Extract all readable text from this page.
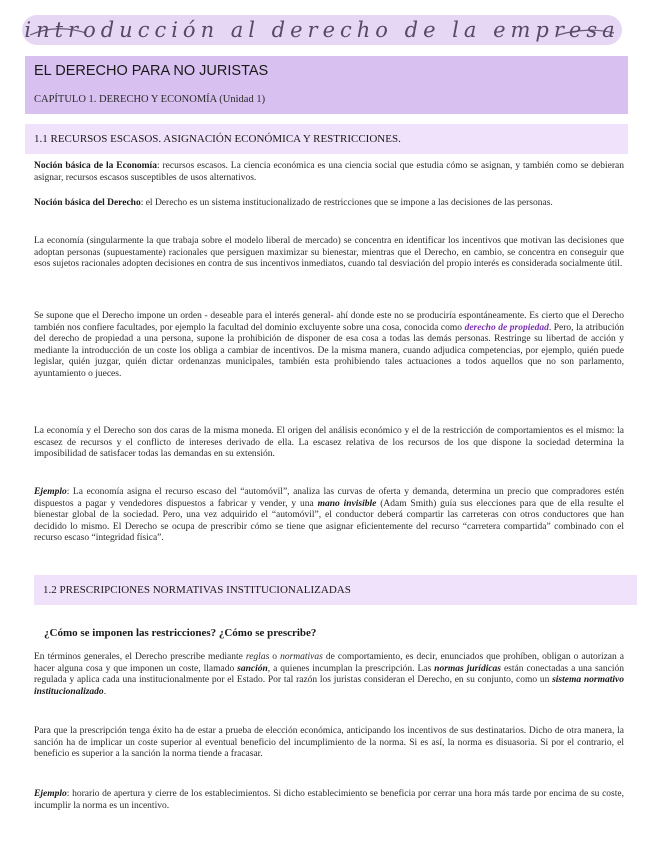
introducción al derecho de la empresa
EL DERECHO PARA NO JURISTAS
CAPÍTULO 1. DERECHO Y ECONOMÍA (Unidad 1)
1.1 RECURSOS ESCASOS. ASIGNACIÓN ECONÓMICA Y RESTRICCIONES.

Noción básica de la Economía: recursos escasos. La ciencia económica es una ciencia social que estudia cómo se asignan, y también como se debieran asignar, recursos escasos susceptibles de usos alternativos.

Noción básica del Derecho: el Derecho es un sistema institucionalizado de restricciones que se impone a las decisiones de las personas.

La economía (singularmente la que trabaja sobre el modelo liberal de mercado) se concentra en identificar los incentivos que motivan las decisiones que adoptan personas (supuestamente) racionales que persiguen maximizar su bienestar, mientras que el Derecho, en cambio, se concentra en conseguir que esos sujetos racionales adopten decisiones en contra de sus incentivos inmediatos, cuando tal desviación del propio interés es considerada socialmente útil.

Se supone que el Derecho impone un orden - deseable para el interés general- ahí donde este no se produciría espontáneamente. Es cierto que el Derecho también nos confiere facultades, por ejemplo la facultad del dominio excluyente sobre una cosa, conocida como derecho de propiedad. Pero, la atribución del derecho de propiedad a una persona, supone la prohibición de disponer de esa cosa a todas las demás personas. Restringe su libertad de acción y mediante la introducción de un coste los obliga a cambiar de incentivos. De la misma manera, cuando adjudica competencias, por ejemplo, quién puede legislar, quién juzgar, quién dictar ordenanzas municipales, también esta prohibiendo tales actuaciones a todos aquellos que no son parlamento, ayuntamiento o jueces.

La economía y el Derecho son dos caras de la misma moneda. El origen del análisis económico y el de la restricción de comportamientos es el mismo: la escasez de recursos y el conflicto de intereses derivado de ella. La escasez relativa de los recursos de los que dispone la sociedad determina la imposibilidad de satisfacer todas las demandas en su extensión.

Ejemplo: La economía asigna el recurso escaso del “automóvil”, analiza las curvas de oferta y demanda, determina un precio que compradores estén dispuestos a pagar y vendedores dispuestos a fabricar y vender, y una mano invisible (Adam Smith) guía sus elecciones para que de ella resulte el bienestar global de la sociedad. Pero, una vez adquirido el “automóvil”, el conductor deberá compartir las carreteras con otros conductores que han decidido lo mismo. El Derecho se ocupa de prescribir cómo se tiene que asignar eficientemente del recurso “carretera compartida” combinado con el recurso escaso “integridad física”.

1.2 PRESCRIPCIONES NORMATIVAS INSTITUCIONALIZADAS

¿Cómo se imponen las restricciones? ¿Cómo se prescribe?

En términos generales, el Derecho prescribe mediante reglas o normativas de comportamiento, es decir, enunciados que prohíben, obligan o autorizan a hacer alguna cosa y que imponen un coste, llamado sanción, a quienes incumplan la prescripción. Las normas jurídicas están conectadas a una sanción regulada y aplica cada una institucionalmente por el Estado. Por tal razón los juristas consideran el Derecho, en su conjunto, como un sistema normativo institucionalizado.

Para que la prescripción tenga éxito ha de estar a prueba de elección económica, anticipando los incentivos de sus destinatarios. Dicho de otra manera, la sanción ha de implicar un coste superior al eventual beneficio del incumplimiento de la norma. Si es así, la norma es disuasoria. Si por el contrario, el beneficio es superior a la sanción la norma tiende a fracasar.

Ejemplo: horario de apertura y cierre de los establecimientos. Si dicho establecimiento se beneficia por cerrar una hora más tarde por encima de su coste, incumplir la norma es un incentivo.
